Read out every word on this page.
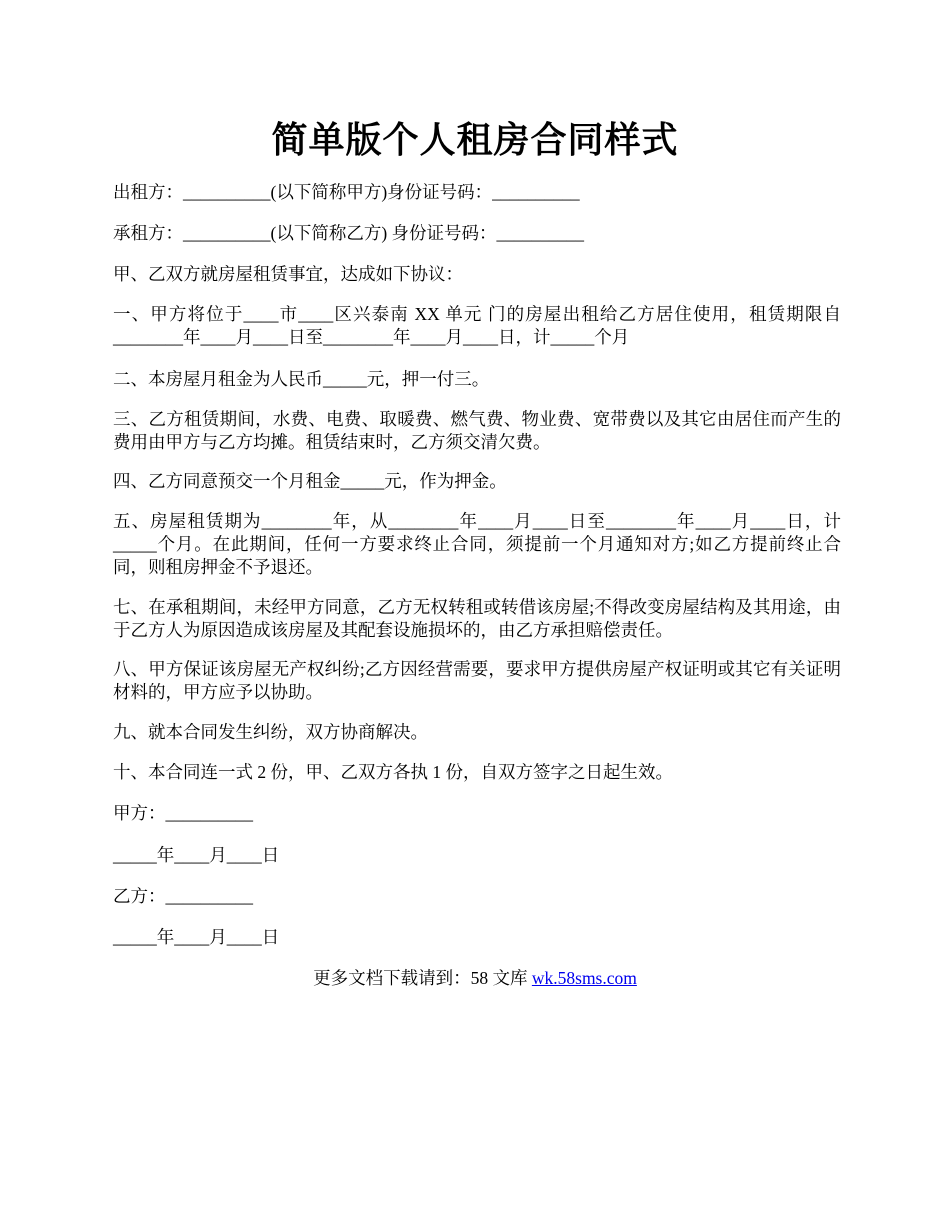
简单版个人租房合同样式

出租方：__________(以下简称甲方)身份证号码：__________

承租方：__________(以下简称乙方) 身份证号码：__________

甲、乙双方就房屋租赁事宜，达成如下协议：

一、甲方将位于____市____区兴泰南 XX 单元 门的房屋出租给乙方居住使用，租赁期限自________年____月____日至________年____月____日，计_____个月

二、本房屋月租金为人民币_____元，押一付三。

三、乙方租赁期间，水费、电费、取暖费、燃气费、物业费、宽带费以及其它由居住而产生的费用由甲方与乙方均摊。租赁结束时，乙方须交清欠费。

四、乙方同意预交一个月租金_____元，作为押金。

五、房屋租赁期为________年，从________年____月____日至________年____月____日，计_____个月。在此期间，任何一方要求终止合同，须提前一个月通知对方;如乙方提前终止合同，则租房押金不予退还。

七、在承租期间，未经甲方同意，乙方无权转租或转借该房屋;不得改变房屋结构及其用途，由于乙方人为原因造成该房屋及其配套设施损坏的，由乙方承担赔偿责任。

八、甲方保证该房屋无产权纠纷;乙方因经营需要，要求甲方提供房屋产权证明或其它有关证明材料的，甲方应予以协助。

九、就本合同发生纠纷，双方协商解决。

十、本合同连一式 2 份，甲、乙双方各执 1 份，自双方签字之日起生效。

甲方：__________

_____年____月____日

乙方：__________

_____年____月____日

更多文档下载请到：58 文库 wk.58sms.com
